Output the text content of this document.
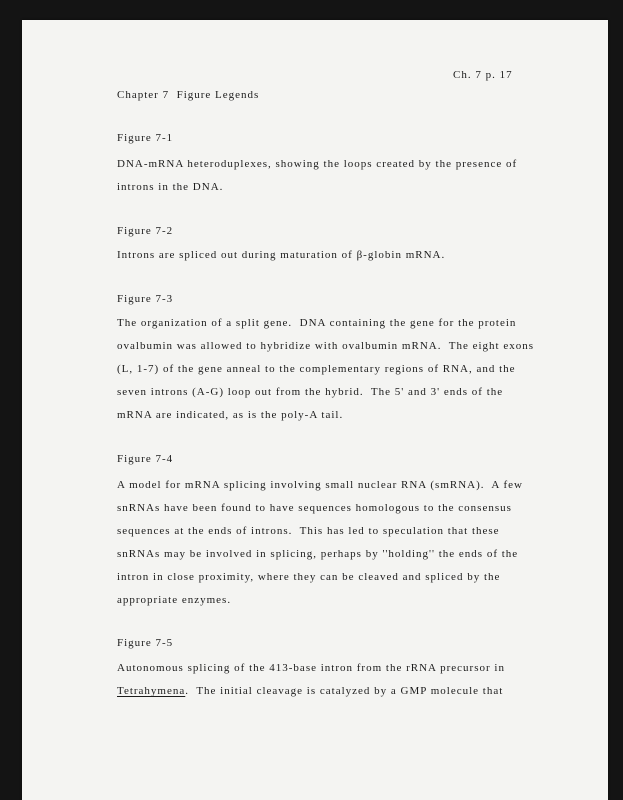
Ch. 7 p. 17
Chapter 7  Figure Legends
Figure 7-1
DNA-mRNA heteroduplexes, showing the loops created by the presence of
introns in the DNA.
Figure 7-2
Introns are spliced out during maturation of β-globin mRNA.
Figure 7-3
The organization of a split gene.  DNA containing the gene for the protein
ovalbumin was allowed to hybridize with ovalbumin mRNA.  The eight exons
(L, 1-7) of the gene anneal to the complementary regions of RNA, and the
seven introns (A-G) loop out from the hybrid.  The 5' and 3' ends of the
mRNA are indicated, as is the poly-A tail.
Figure 7-4
A model for mRNA splicing involving small nuclear RNA (smRNA).  A few
snRNAs have been found to have sequences homologous to the consensus
sequences at the ends of introns.  This has led to speculation that these
snRNAs may be involved in splicing, perhaps by ''holding'' the ends of the
intron in close proximity, where they can be cleaved and spliced by the
appropriate enzymes.
Figure 7-5
Autonomous splicing of the 413-base intron from the rRNA precursor in
Tetrahymena.  The initial cleavage is catalyzed by a GMP molecule that
